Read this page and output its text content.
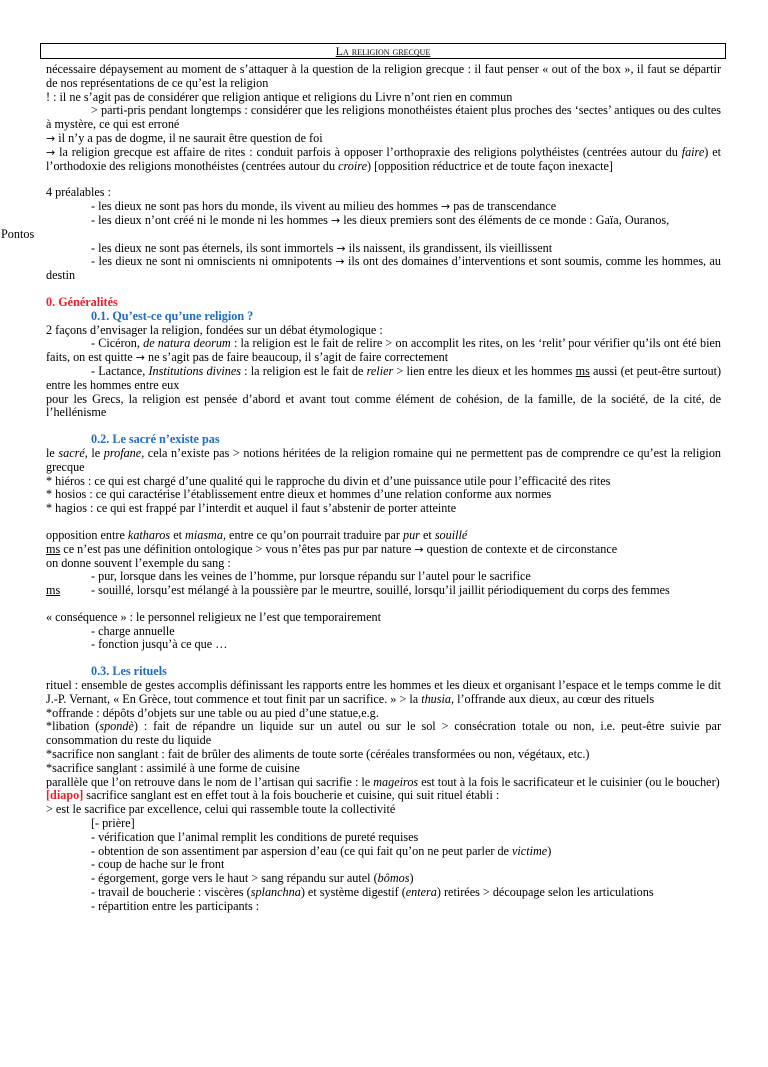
La religion grecque

nécessaire dépaysement au moment de s’attaquer à la question de la religion grecque : il faut penser « out of the box », il faut se départir de nos représentations de ce qu’est la religion

! : il ne s’agit pas de considérer que religion antique et religions du Livre n’ont rien en commun

> parti-pris pendant longtemps : considérer que les religions monothéistes étaient plus proches des ‘sectes’ antiques ou des cultes à mystère, ce qui est erroné

→ il n’y a pas de dogme, il ne saurait être question de foi

→ la religion grecque est affaire de rites : conduit parfois à opposer l’orthopraxie des religions polythéistes (centrées autour du faire) et l’orthodoxie des religions monothéistes (centrées autour du croire) [opposition réductrice et de toute façon inexacte]

4 préalables :

- les dieux ne sont pas hors du monde, ils vivent au milieu des hommes → pas de transcendance

- les dieux n’ont créé ni le monde ni les hommes → les dieux premiers sont des éléments de ce monde : Gaïa, Ouranos,
Pontos

- les dieux ne sont pas éternels, ils sont immortels → ils naissent, ils grandissent, ils vieillissent

- les dieux ne sont ni omniscients ni omnipotents → ils ont des domaines d’interventions et sont soumis, comme les hommes, au destin

0. Généralités

0.1. Qu’est-ce qu’une religion ?

2 façons d’envisager la religion, fondées sur un débat étymologique :

- Cicéron, de natura deorum : la religion est le fait de relire > on accomplit les rites, on les ‘relit’ pour vérifier qu’ils ont été bien faits, on est quitte → ne s’agit pas de faire beaucoup, il s’agit de faire correctement

- Lactance, Institutions divines : la religion est le fait de relier > lien entre les dieux et les hommes ms aussi (et peut-être surtout) entre les hommes entre eux

pour les Grecs, la religion est pensée d’abord et avant tout comme élément de cohésion, de la famille, de la société, de la cité, de l’hellénisme

0.2. Le sacré n’existe pas

le sacré, le profane, cela n’existe pas > notions héritées de la religion romaine qui ne permettent pas de comprendre ce qu’est la religion grecque

* hiéros : ce qui est chargé d’une qualité qui le rapproche du divin et d’une puissance utile pour l’efficacité des rites

* hosios : ce qui caractérise l’établissement entre dieux et hommes d’une relation conforme aux normes

* hagios : ce qui est frappé par l’interdit et auquel il faut s’abstenir de porter atteinte

opposition entre katharos et miasma, entre ce qu’on pourrait traduire par pur et souillé

ms ce n’est pas une définition ontologique > vous n’êtes pas pur par nature → question de contexte et de circonstance

on donne souvent l’exemple du sang :

- pur, lorsque dans les veines de l’homme, pur lorsque répandu sur l’autel pour le sacrifice

ms	- souillé, lorsqu’est mélangé à la poussière par le meurtre, souillé, lorsqu’il jaillit périodiquement du corps des femmes

« conséquence » : le personnel religieux ne l’est que temporairement

- charge annuelle

- fonction jusqu’à ce que …

0.3. Les rituels

rituel : ensemble de gestes accomplis définissant les rapports entre les hommes et les dieux et organisant l’espace et le temps comme le dit J.-P. Vernant, « En Grèce, tout commence et tout finit par un sacrifice. » > la thusia, l’offrande aux dieux, au cœur des rituels

*offrande : dépôts d’objets sur une table ou au pied d’une statue,e.g.

*libation (spondè) : fait de répandre un liquide sur un autel ou sur le sol > consécration totale ou non, i.e. peut-être suivie par consommation du reste du liquide

*sacrifice non sanglant : fait de brûler des aliments de toute sorte (céréales transformées ou non, végétaux, etc.)

*sacrifice sanglant : assimilé à une forme de cuisine

parallèle que l’on retrouve dans le nom de l’artisan qui sacrifie : le mageiros est tout à la fois le sacrificateur et le cuisinier (ou le boucher)

[diapo] sacrifice sanglant est en effet tout à la fois boucherie et cuisine, qui suit rituel établi :

> est le sacrifice par excellence, celui qui rassemble toute la collectivité

[- prière]

- vérification que l’animal remplit les conditions de pureté requises

- obtention de son assentiment par aspersion d’eau (ce qui fait qu’on ne peut parler de victime)

- coup de hache sur le front

- égorgement, gorge vers le haut > sang répandu sur autel (bômos)

- travail de boucherie : viscères (splanchna) et système digestif (entera) retirées > découpage selon les articulations

- répartition entre les participants :
